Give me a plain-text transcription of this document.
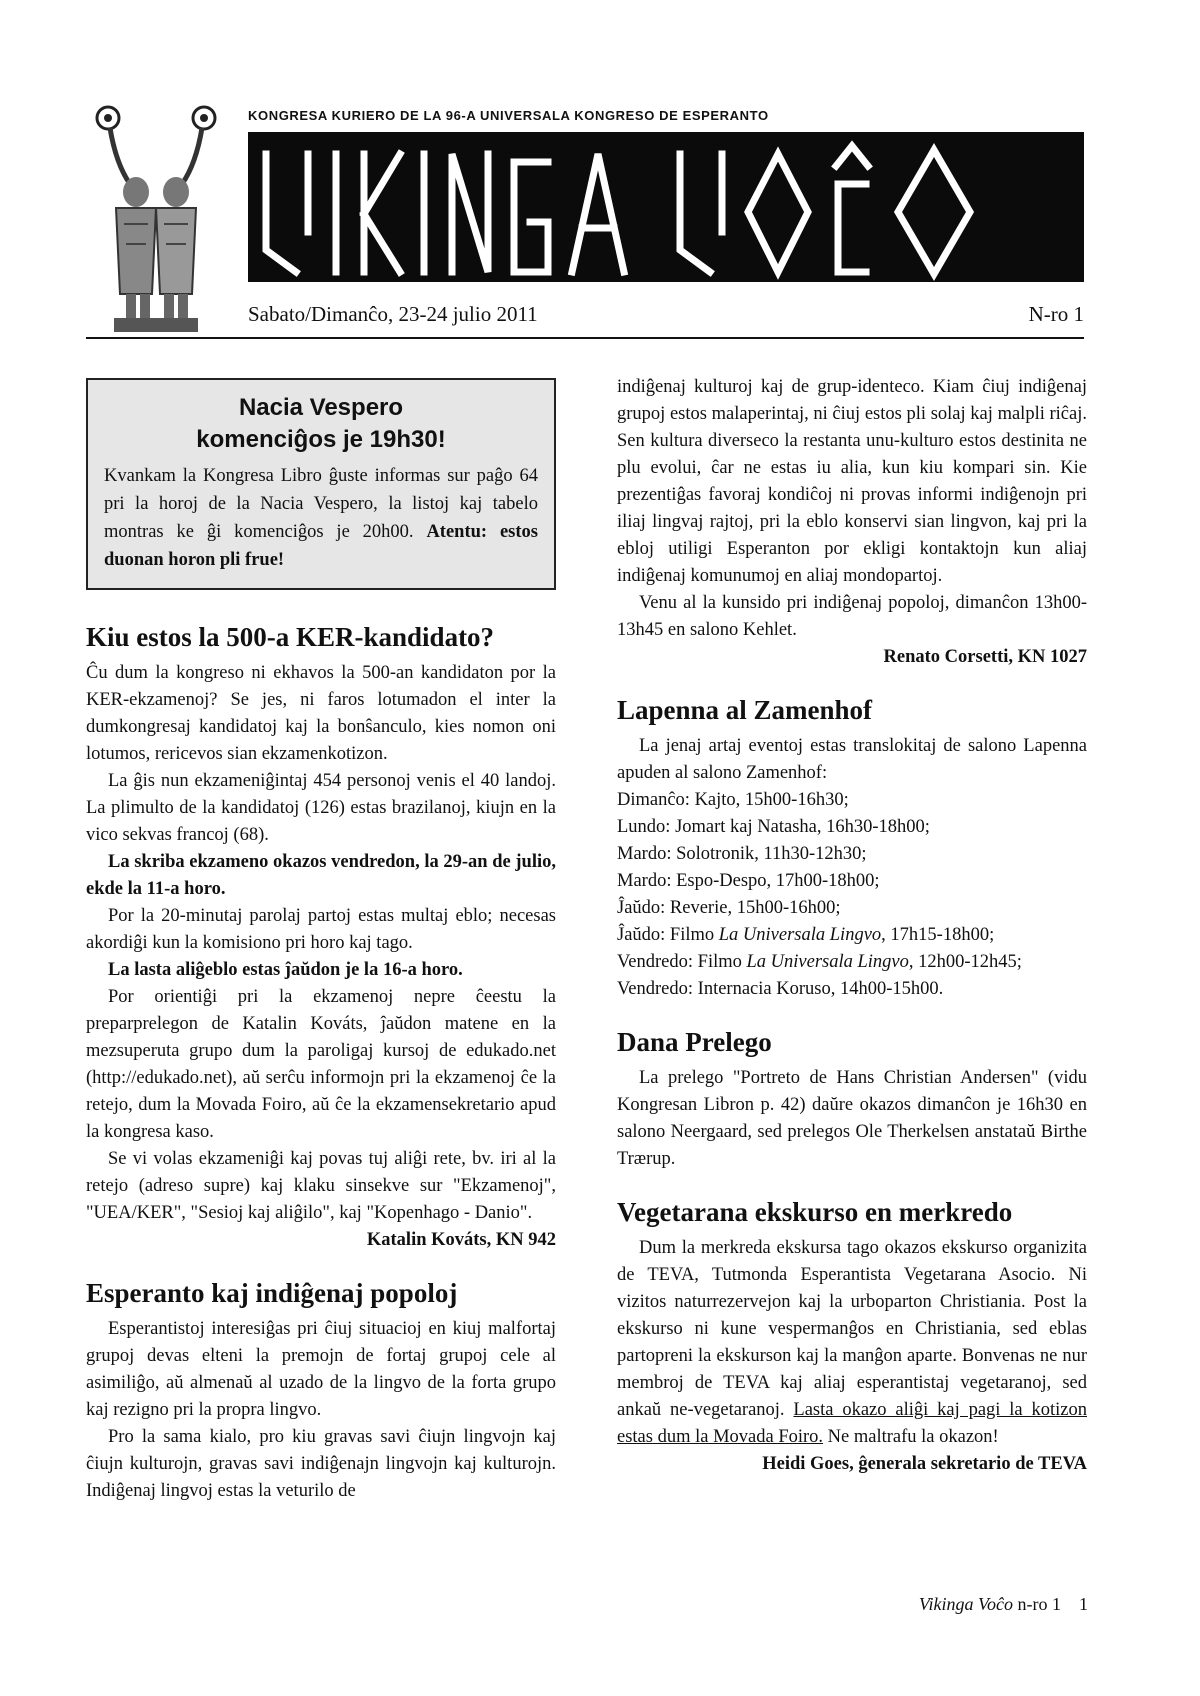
KONGRESA KURIERO DE LA 96-A UNIVERSALA KONGRESO DE ESPERANTO
Sabato/Dimanĉo, 23-24 julio 2011	N-ro 1
Nacia Vespero
komenciĝos je 19h30!

Kvankam la Kongresa Libro ĝuste informas sur paĝo 64 pri la horoj de la Nacia Vespero, la listoj kaj tabelo montras ke ĝi komenciĝos je 20h00. Atentu: estos duonan horon pli frue!

Kiu estos la 500-a KER-kandidato?

Ĉu dum la kongreso ni ekhavos la 500-an kandidaton por la KER-ekzamenoj? Se jes, ni faros lotumadon el inter la dumkongresaj kandidatoj kaj la bonŝanculo, kies nomon oni lotumos, rericevos sian ekzamenkotizon.

La ĝis nun ekzameniĝintaj 454 personoj venis el 40 landoj. La plimulto de la kandidatoj (126) estas brazilanoj, kiujn en la vico sekvas francoj (68).

La skriba ekzameno okazos vendredon, la 29-an de julio, ekde la 11-a horo.

Por la 20-minutaj parolaj partoj estas multaj eblo; necesas akordiĝi kun la komisiono pri horo kaj tago.

La lasta aliĝeblo estas ĵaŭdon je la 16-a horo.

Por orientiĝi pri la ekzamenoj nepre ĉeestu la preparprelegon de Katalin Kováts, ĵaŭdon matene en la mezsuperuta grupo dum la paroligaj kursoj de edukado.net (http://edukado.net), aŭ serĉu informojn pri la ekzamenoj ĉe la retejo, dum la Movada Foiro, aŭ ĉe la ekzamensekretario apud la kongresa kaso.

Se vi volas ekzameniĝi kaj povas tuj aliĝi rete, bv. iri al la retejo (adreso supre) kaj klaku sinsekve sur "Ekzamenoj", "UEA/KER", "Sesioj kaj aliĝilo", kaj "Kopenhago - Danio".

Katalin Kováts, KN 942

Esperanto kaj indiĝenaj popoloj

Esperantistoj interesiĝas pri ĉiuj situacioj en kiuj malfortaj grupoj devas elteni la premojn de fortaj grupoj cele al asimiliĝo, aŭ almenaŭ al uzado de la lingvo de la forta grupo kaj rezigno pri la propra lingvo.

Pro la sama kialo, pro kiu gravas savi ĉiujn lingvojn kaj ĉiujn kulturojn, gravas savi indiĝenajn lingvojn kaj kulturojn. Indiĝenaj lingvoj estas la veturilo de

indiĝenaj kulturoj kaj de grup-identeco. Kiam ĉiuj indiĝenaj grupoj estos malaperintaj, ni ĉiuj estos pli solaj kaj malpli riĉaj. Sen kultura diverseco la restanta unu-kulturo estos destinita ne plu evolui, ĉar ne estas iu alia, kun kiu kompari sin. Kie prezentiĝas favoraj kondiĉoj ni provas informi indiĝenojn pri iliaj lingvaj rajtoj, pri la eblo konservi sian lingvon, kaj pri la ebloj utiligi Esperanton por ekligi kontaktojn kun aliaj indiĝenaj komunumoj en aliaj mondopartoj.

Venu al la kunsido pri indiĝenaj popoloj, dimanĉon 13h00-13h45 en salono Kehlet.

Renato Corsetti, KN 1027

Lapenna al Zamenhof

La jenaj artaj eventoj estas translokitaj de salono Lapenna apuden al salono Zamenhof:

Dimanĉo: Kajto, 15h00-16h30;
Lundo: Jomart kaj Natasha, 16h30-18h00;
Mardo: Solotronik, 11h30-12h30;
Mardo: Espo-Despo, 17h00-18h00;
Ĵaŭdo: Reverie, 15h00-16h00;
Ĵaŭdo: Filmo La Universala Lingvo, 17h15-18h00;
Vendredo: Filmo La Universala Lingvo, 12h00-12h45;
Vendredo: Internacia Koruso, 14h00-15h00.
Dana Prelego

La prelego "Portreto de Hans Christian Andersen" (vidu Kongresan Libron p. 42) daŭre okazos dimanĉon je 16h30 en salono Neergaard, sed prelegos Ole Therkelsen anstataŭ Birthe Trærup.

Vegetarana ekskurso en merkredo

Dum la merkreda ekskursa tago okazos ekskurso organizita de TEVA, Tutmonda Esperantista Vegetarana Asocio. Ni vizitos naturrezervejon kaj la urboparton Christiania. Post la ekskurso ni kune vespermanĝos en Christiania, sed eblas partopreni la ekskurson kaj la manĝon aparte. Bonvenas ne nur membroj de TEVA kaj aliaj esperantistaj vegetaranoj, sed ankaŭ ne-vegetaranoj. Lasta okazo aliĝi kaj pagi la kotizon estas dum la Movada Foiro. Ne maltrafu la okazon!

Heidi Goes, ĝenerala sekretario de TEVA

Vikinga Voĉo n-ro 1 1
